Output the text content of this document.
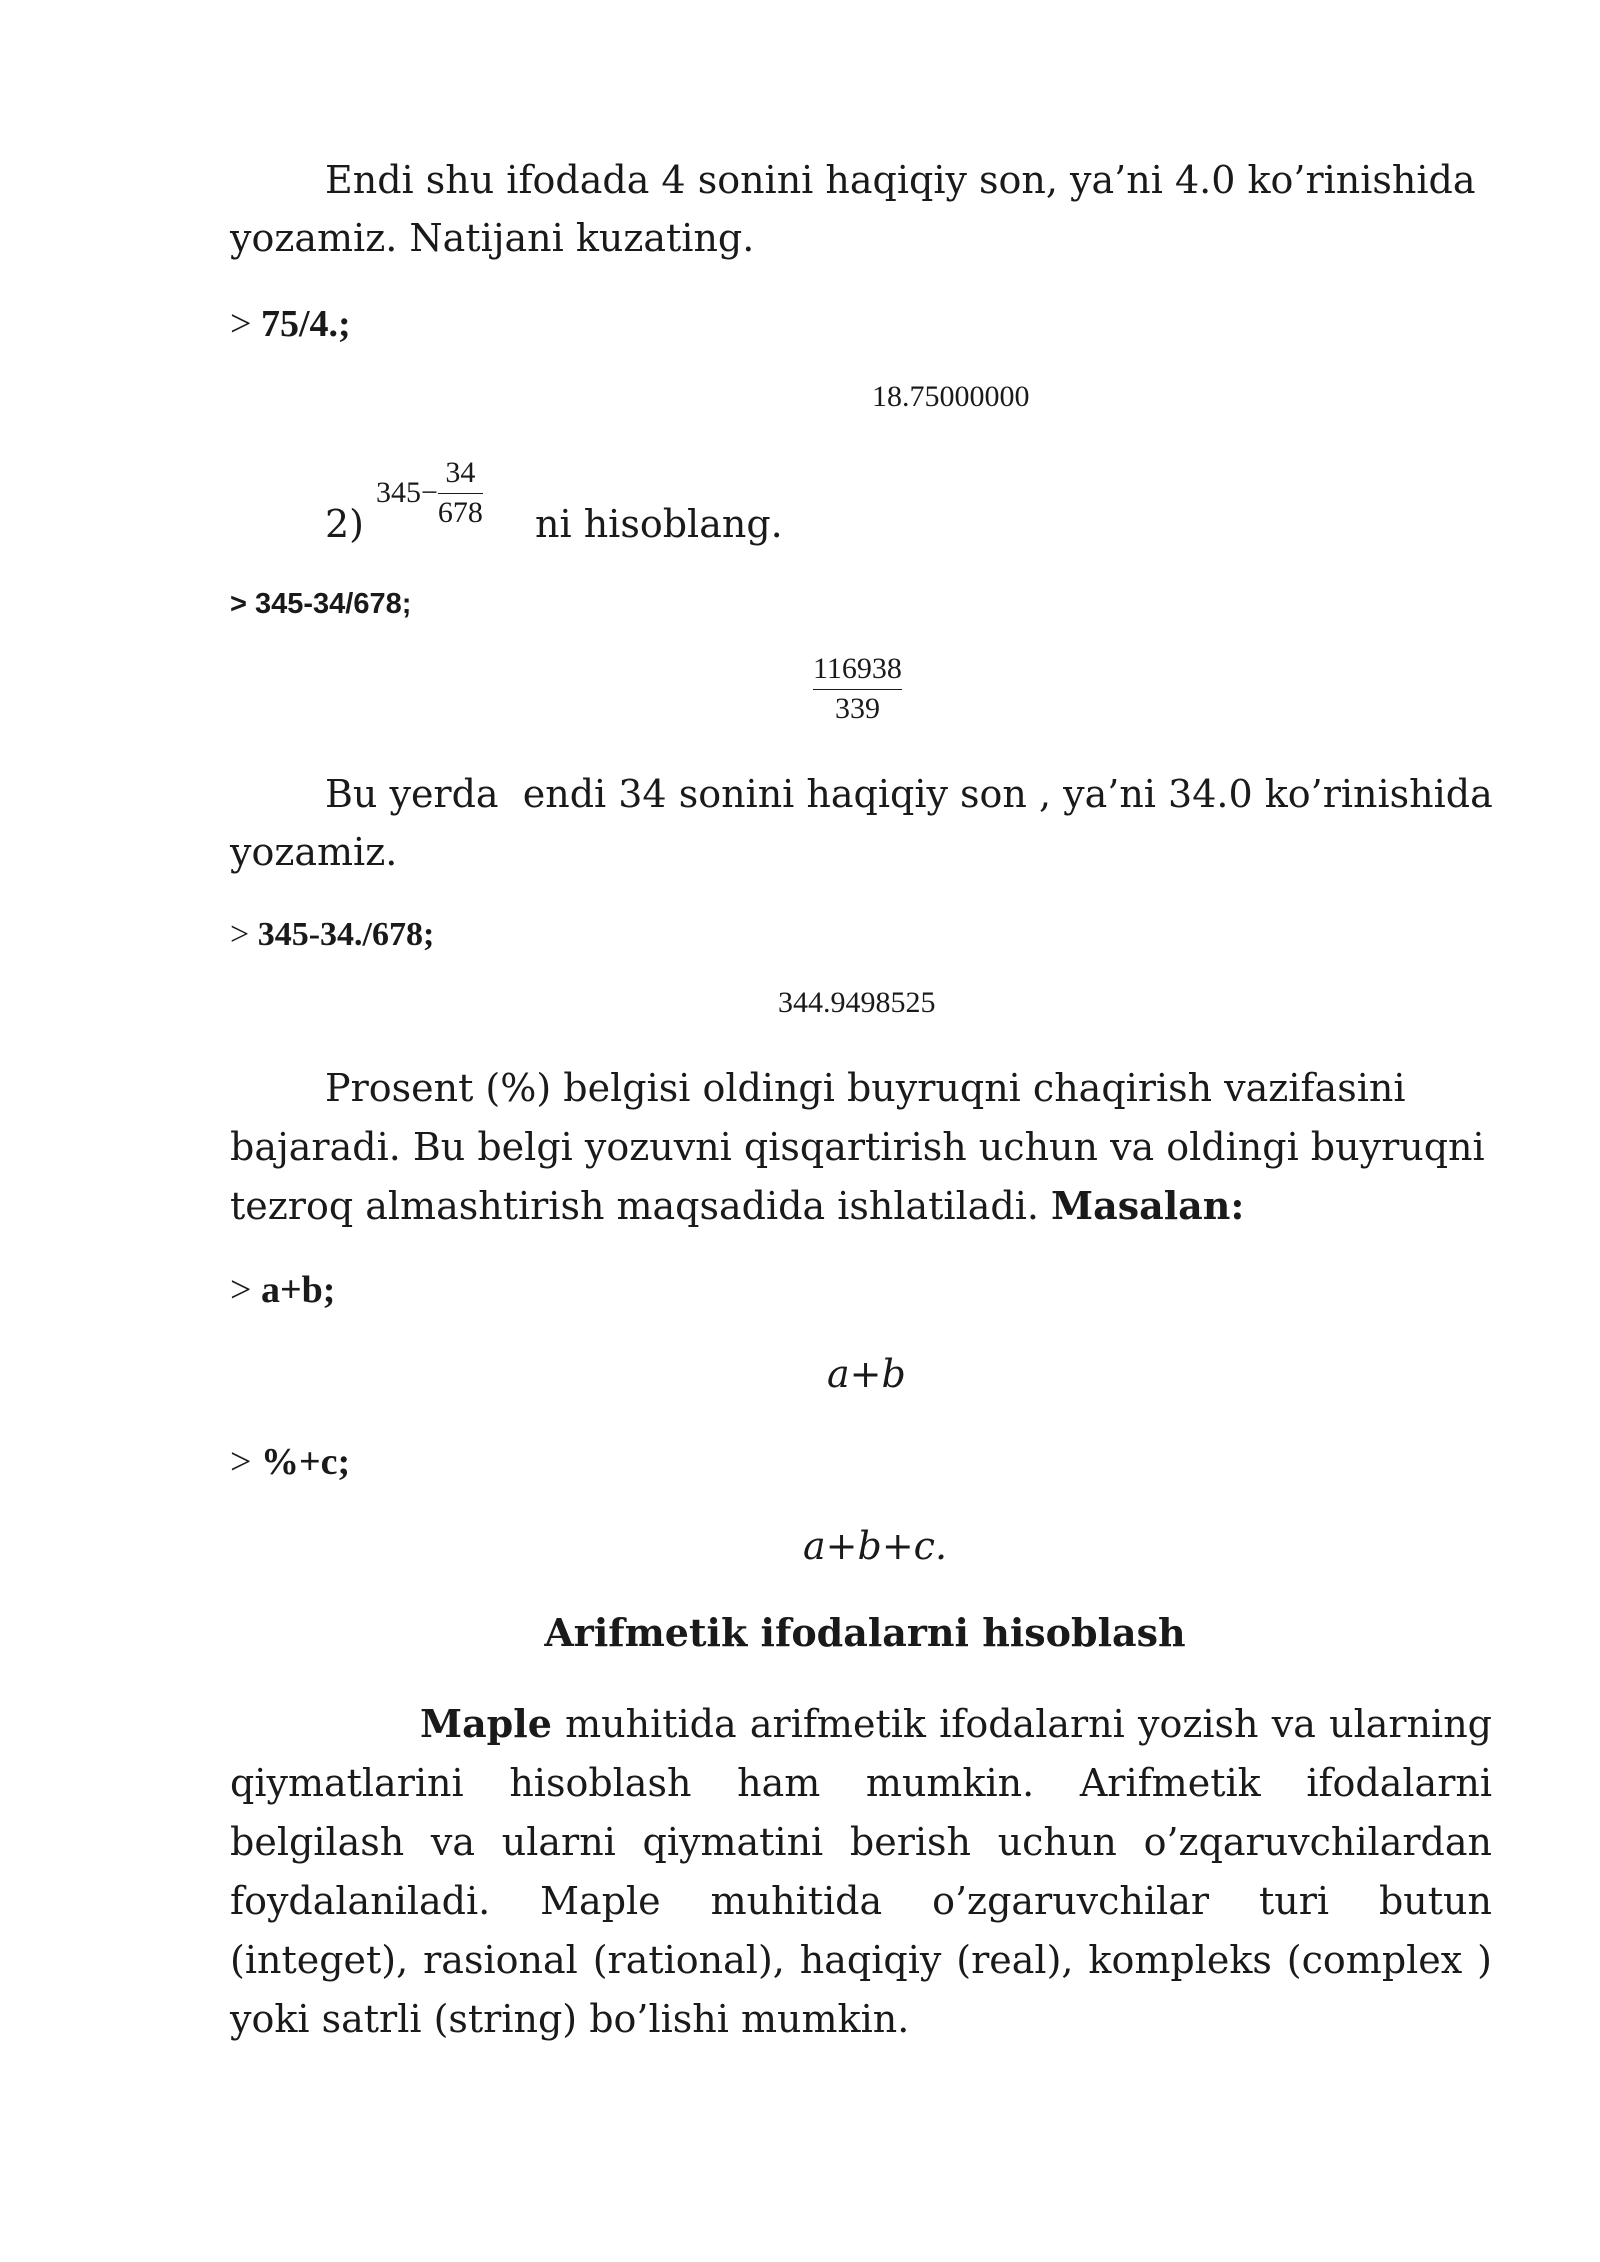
Endi shu ifodada 4 sonini haqiqiy son, ya’ni 4.0 ko’rinishida
yozamiz. Natijani kuzating.
> 75/4.;
18.75000000
2)
$345- \frac{34}{678}$ ni hisoblang.
> 345-34/678;
$\frac{116938}{339}$
Bu yerda  endi 34 sonini haqiqiy son , ya’ni 34.0 ko’rinishida
yozamiz.
> 345-34./678;
344.9498525
Prosent (%) belgisi oldingi buyruqni chaqirish vazifasini
bajaradi. Bu belgi yozuvni qisqartirish uchun va oldingi buyruqni
tezroq almashtirish maqsadida ishlatiladi. Masalan:
> a+b;
a+b
> %+c;
a+b+c.
Arifmetik ifodalarni hisoblash

Maple muhitida arifmetik ifodalarni yozish va ularning qiymatlarini hisoblash ham mumkin. Arifmetik ifodalarni belgilash va ularni qiymatini berish uchun o’zqaruvchilardan foydalaniladi. Maple muhitida o’zgaruvchilar turi butun (integet), rasional (rational), haqiqiy (real), kompleks (complex ) yoki satrli (string) bo’lishi mumkin.
